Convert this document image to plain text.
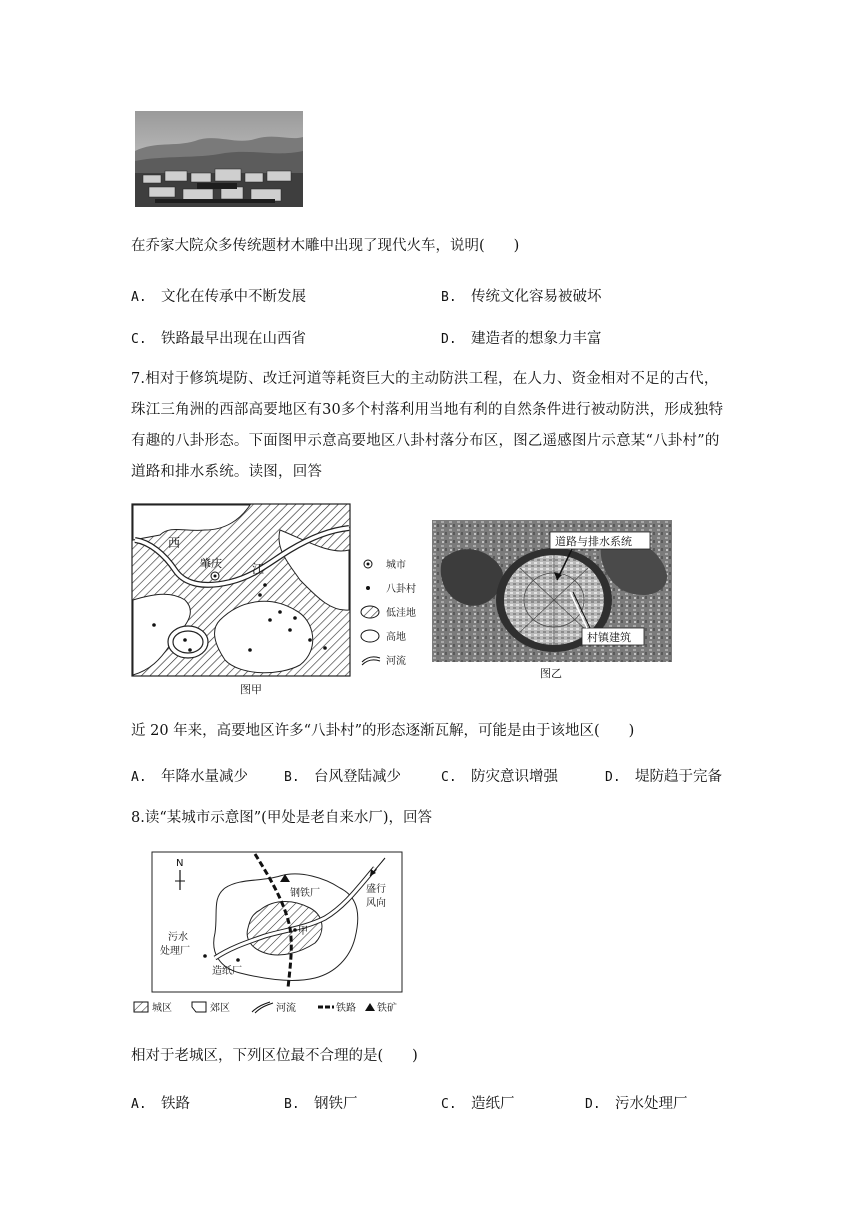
在乔家大院众多传统题材木雕中出现了现代火车，说明(　　)
A. 文化在传承中不断发展	B. 传统文化容易被破坏
C. 铁路最早出现在山西省	D. 建造者的想象力丰富
7.相对于修筑堤防、改迁河道等耗资巨大的主动防洪工程，在人力、资金相对不足的古代，珠江三角洲的西部高要地区有30多个村落利用当地有利的自然条件进行被动防洪，形成独特有趣的八卦形态。下面图甲示意高要地区八卦村落分布区，图乙遥感图片示意某“八卦村”的道路和排水系统。读图，回答
西
肇庆	江
图甲
城市
八卦村
低洼地
高地
河流
道路与排水系统
村镇建筑
图乙
近 20 年来，高要地区许多“八卦村”的形态逐渐瓦解，可能是由于该地区(　　)
A. 年降水量减少	B. 台风登陆减少	C. 防灾意识增强	D. 堤防趋于完备
8.读“某城市示意图”(甲处是老自来水厂)，回答
N
钢铁厂	盛行
风向
甲
污水
处理厂
造纸厂
城区	郊区	河流	铁路 铁矿
相对于老城区，下列区位最不合理的是(　　)
A. 铁路	B. 钢铁厂	C. 造纸厂	D. 污水处理厂
